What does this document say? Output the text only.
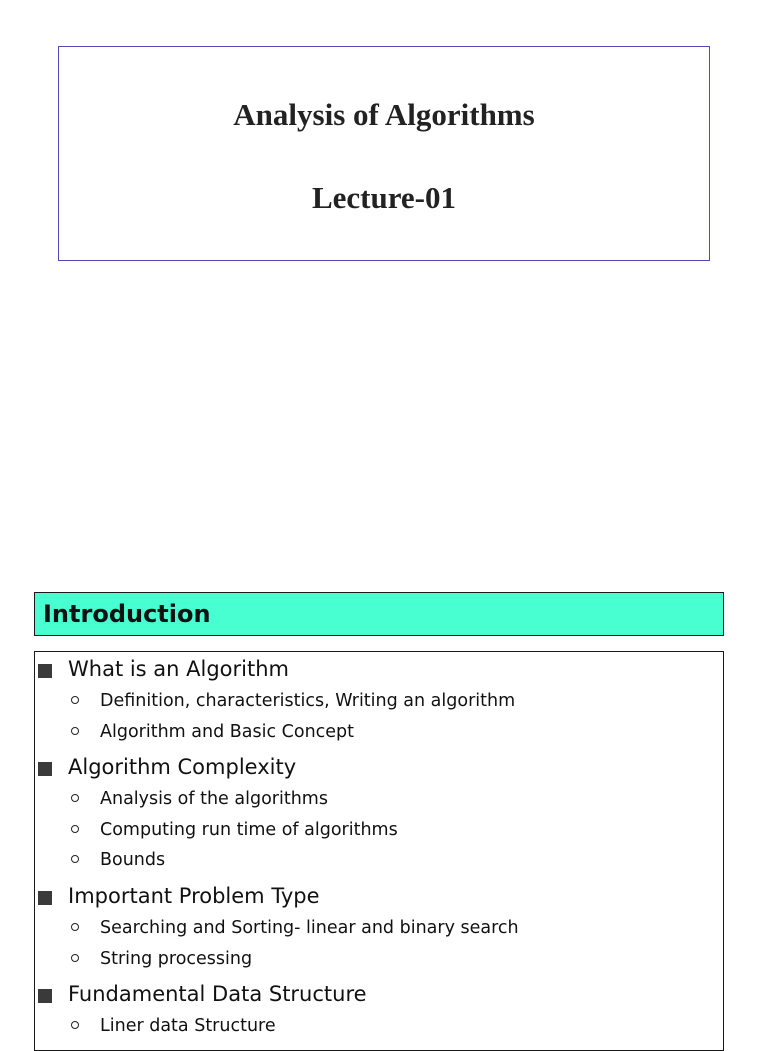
Analysis of Algorithms
Lecture-01
Introduction
What is an Algorithm
Definition, characteristics, Writing an algorithm
Algorithm and Basic Concept
Algorithm Complexity
Analysis of the algorithms
Computing run time of algorithms
Bounds
Important Problem Type
Searching and Sorting- linear and binary search
String processing
Fundamental Data Structure
Liner data Structure
